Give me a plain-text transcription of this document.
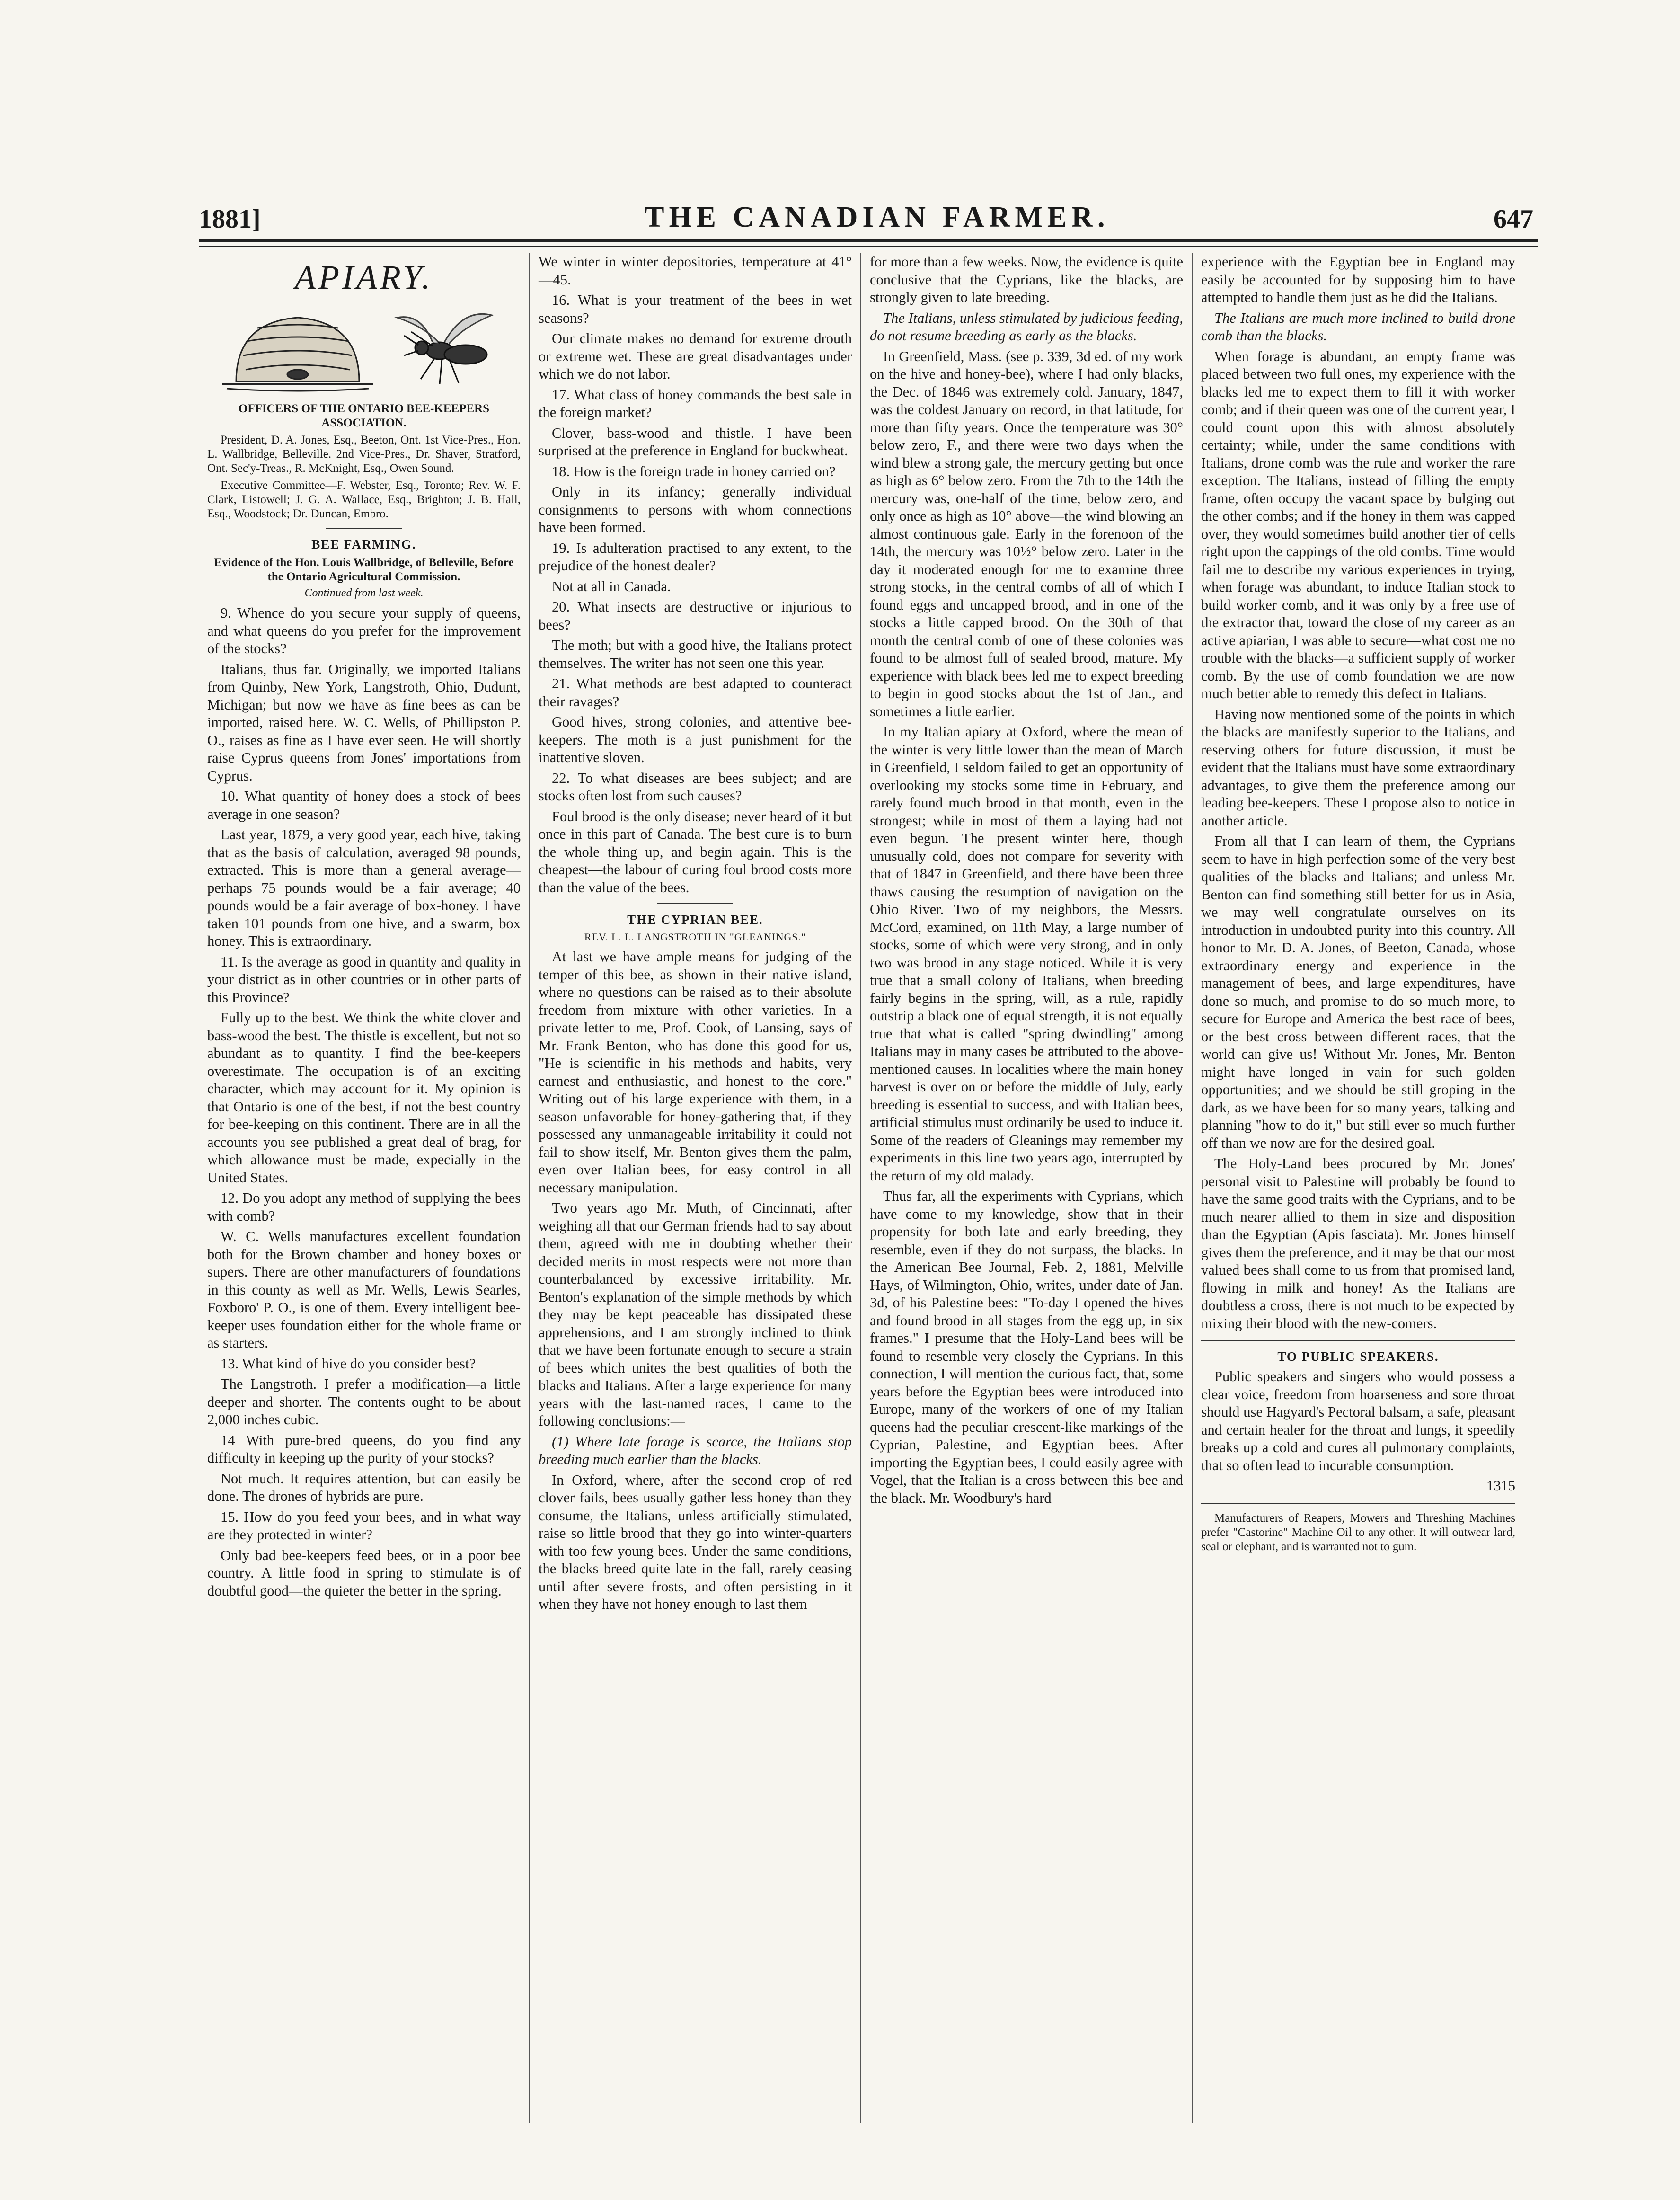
1881]	THE CANADIAN FARMER.	647
APIARY.
OFFICERS OF THE ONTARIO BEE-KEEPERS ASSOCIATION.

President, D. A. Jones, Esq., Beeton, Ont. 1st Vice-Pres., Hon. L. Wallbridge, Belleville. 2nd Vice-Pres., Dr. Shaver, Stratford, Ont. Sec'y-Treas., R. McKnight, Esq., Owen Sound.

Executive Committee—F. Webster, Esq., Toronto; Rev. W. F. Clark, Listowell; J. G. A. Wallace, Esq., Brighton; J. B. Hall, Esq., Woodstock; Dr. Duncan, Embro.

BEE FARMING.
Evidence of the Hon. Louis Wallbridge, of Belleville, Before the Ontario Agricultural Commission.
Continued from last week.

9. Whence do you secure your supply of queens, and what queens do you prefer for the improvement of the stocks?

Italians, thus far. Originally, we imported Italians from Quinby, New York, Langstroth, Ohio, Dudunt, Michigan; but now we have as fine bees as can be imported, raised here. W. C. Wells, of Phillipston P. O., raises as fine as I have ever seen. He will shortly raise Cyprus queens from Jones' importations from Cyprus.

10. What quantity of honey does a stock of bees average in one season?

Last year, 1879, a very good year, each hive, taking that as the basis of calculation, averaged 98 pounds, extracted. This is more than a general average—perhaps 75 pounds would be a fair average; 40 pounds would be a fair average of box-honey. I have taken 101 pounds from one hive, and a swarm, box honey. This is extraordinary.

11. Is the average as good in quantity and quality in your district as in other countries or in other parts of this Province?

Fully up to the best. We think the white clover and bass-wood the best. The thistle is excellent, but not so abundant as to quantity. I find the bee-keepers overestimate. The occupation is of an exciting character, which may account for it. My opinion is that Ontario is one of the best, if not the best country for bee-keeping on this continent. There are in all the accounts you see published a great deal of brag, for which allowance must be made, expecially in the United States.

12. Do you adopt any method of supplying the bees with comb?

W. C. Wells manufactures excellent foundation both for the Brown chamber and honey boxes or supers. There are other manufacturers of foundations in this county as well as Mr. Wells, Lewis Searles, Foxboro' P. O., is one of them. Every intelligent bee-keeper uses foundation either for the whole frame or as starters.

13. What kind of hive do you consider best?

The Langstroth. I prefer a modification—a little deeper and shorter. The contents ought to be about 2,000 inches cubic.

14 With pure-bred queens, do you find any difficulty in keeping up the purity of your stocks?

Not much. It requires attention, but can easily be done. The drones of hybrids are pure.

15. How do you feed your bees, and in what way are they protected in winter?

Only bad bee-keepers feed bees, or in a poor bee country. A little food in spring to stimulate is of doubtful good—the quieter the better in the spring.

We winter in winter depositories, temperature at 41°—45.

16. What is your treatment of the bees in wet seasons?

Our climate makes no demand for extreme drouth or extreme wet. These are great disadvantages under which we do not labor.

17. What class of honey commands the best sale in the foreign market?

Clover, bass-wood and thistle. I have been surprised at the preference in England for buckwheat.

18. How is the foreign trade in honey carried on?

Only in its infancy; generally individual consignments to persons with whom connections have been formed.

19. Is adulteration practised to any extent, to the prejudice of the honest dealer?

Not at all in Canada.

20. What insects are destructive or injurious to bees?

The moth; but with a good hive, the Italians protect themselves. The writer has not seen one this year.

21. What methods are best adapted to counteract their ravages?

Good hives, strong colonies, and attentive bee-keepers. The moth is a just punishment for the inattentive sloven.

22. To what diseases are bees subject; and are stocks often lost from such causes?

Foul brood is the only disease; never heard of it but once in this part of Canada. The best cure is to burn the whole thing up, and begin again. This is the cheapest—the labour of curing foul brood costs more than the value of the bees.

THE CYPRIAN BEE.
REV. L. L. LANGSTROTH IN "GLEANINGS."

At last we have ample means for judging of the temper of this bee, as shown in their native island, where no questions can be raised as to their absolute freedom from mixture with other varieties. In a private letter to me, Prof. Cook, of Lansing, says of Mr. Frank Benton, who has done this good for us, "He is scientific in his methods and habits, very earnest and enthusiastic, and honest to the core." Writing out of his large experience with them, in a season unfavorable for honey-gathering that, if they possessed any unmanageable irritability it could not fail to show itself, Mr. Benton gives them the palm, even over Italian bees, for easy control in all necessary manipulation.

Two years ago Mr. Muth, of Cincinnati, after weighing all that our German friends had to say about them, agreed with me in doubting whether their decided merits in most respects were not more than counterbalanced by excessive irritability. Mr. Benton's explanation of the simple methods by which they may be kept peaceable has dissipated these apprehensions, and I am strongly inclined to think that we have been fortunate enough to secure a strain of bees which unites the best qualities of both the blacks and Italians. After a large experience for many years with the last-named races, I came to the following conclusions:—

(1) Where late forage is scarce, the Italians stop breeding much earlier than the blacks.

In Oxford, where, after the second crop of red clover fails, bees usually gather less honey than they consume, the Italians, unless artificially stimulated, raise so little brood that they go into winter-quarters with too few young bees. Under the same conditions, the blacks breed quite late in the fall, rarely ceasing until after severe frosts, and often persisting in it when they have not honey enough to last them

for more than a few weeks. Now, the evidence is quite conclusive that the Cyprians, like the blacks, are strongly given to late breeding.

The Italians, unless stimulated by judicious feeding, do not resume breeding as early as the blacks.

In Greenfield, Mass. (see p. 339, 3d ed. of my work on the hive and honey-bee), where I had only blacks, the Dec. of 1846 was extremely cold. January, 1847, was the coldest January on record, in that latitude, for more than fifty years. Once the temperature was 30° below zero, F., and there were two days when the wind blew a strong gale, the mercury getting but once as high as 6° below zero. From the 7th to the 14th the mercury was, one-half of the time, below zero, and only once as high as 10° above—the wind blowing an almost continuous gale. Early in the forenoon of the 14th, the mercury was 10½° below zero. Later in the day it moderated enough for me to examine three strong stocks, in the central combs of all of which I found eggs and uncapped brood, and in one of the stocks a little capped brood. On the 30th of that month the central comb of one of these colonies was found to be almost full of sealed brood, mature. My experience with black bees led me to expect breeding to begin in good stocks about the 1st of Jan., and sometimes a little earlier.

In my Italian apiary at Oxford, where the mean of the winter is very little lower than the mean of March in Greenfield, I seldom failed to get an opportunity of overlooking my stocks some time in February, and rarely found much brood in that month, even in the strongest; while in most of them a laying had not even begun. The present winter here, though unusually cold, does not compare for severity with that of 1847 in Greenfield, and there have been three thaws causing the resumption of navigation on the Ohio River. Two of my neighbors, the Messrs. McCord, examined, on 11th May, a large number of stocks, some of which were very strong, and in only two was brood in any stage noticed. While it is very true that a small colony of Italians, when breeding fairly begins in the spring, will, as a rule, rapidly outstrip a black one of equal strength, it is not equally true that what is called "spring dwindling" among Italians may in many cases be attributed to the above-mentioned causes. In localities where the main honey harvest is over on or before the middle of July, early breeding is essential to success, and with Italian bees, artificial stimulus must ordinarily be used to induce it. Some of the readers of Gleanings may remember my experiments in this line two years ago, interrupted by the return of my old malady.

Thus far, all the experiments with Cyprians, which have come to my knowledge, show that in their propensity for both late and early breeding, they resemble, even if they do not surpass, the blacks. In the American Bee Journal, Feb. 2, 1881, Melville Hays, of Wilmington, Ohio, writes, under date of Jan. 3d, of his Palestine bees: "To-day I opened the hives and found brood in all stages from the egg up, in six frames." I presume that the Holy-Land bees will be found to resemble very closely the Cyprians. In this connection, I will mention the curious fact, that, some years before the Egyptian bees were introduced into Europe, many of the workers of one of my Italian queens had the peculiar crescent-like markings of the Cyprian, Palestine, and Egyptian bees. After importing the Egyptian bees, I could easily agree with Vogel, that the Italian is a cross between this bee and the black. Mr. Woodbury's hard

experience with the Egyptian bee in England may easily be accounted for by supposing him to have attempted to handle them just as he did the Italians.

The Italians are much more inclined to build drone comb than the blacks.

When forage is abundant, an empty frame was placed between two full ones, my experience with the blacks led me to expect them to fill it with worker comb; and if their queen was one of the current year, I could count upon this with almost absolutely certainty; while, under the same conditions with Italians, drone comb was the rule and worker the rare exception. The Italians, instead of filling the empty frame, often occupy the vacant space by bulging out the other combs; and if the honey in them was capped over, they would sometimes build another tier of cells right upon the cappings of the old combs. Time would fail me to describe my various experiences in trying, when forage was abundant, to induce Italian stock to build worker comb, and it was only by a free use of the extractor that, toward the close of my career as an active apiarian, I was able to secure—what cost me no trouble with the blacks—a sufficient supply of worker comb. By the use of comb foundation we are now much better able to remedy this defect in Italians.

Having now mentioned some of the points in which the blacks are manifestly superior to the Italians, and reserving others for future discussion, it must be evident that the Italians must have some extraordinary advantages, to give them the preference among our leading bee-keepers. These I propose also to notice in another article.

From all that I can learn of them, the Cyprians seem to have in high perfection some of the very best qualities of the blacks and Italians; and unless Mr. Benton can find something still better for us in Asia, we may well congratulate ourselves on its introduction in undoubted purity into this country. All honor to Mr. D. A. Jones, of Beeton, Canada, whose extraordinary energy and experience in the management of bees, and large expenditures, have done so much, and promise to do so much more, to secure for Europe and America the best race of bees, or the best cross between different races, that the world can give us! Without Mr. Jones, Mr. Benton might have longed in vain for such golden opportunities; and we should be still groping in the dark, as we have been for so many years, talking and planning "how to do it," but still ever so much further off than we now are for the desired goal.

The Holy-Land bees procured by Mr. Jones' personal visit to Palestine will probably be found to have the same good traits with the Cyprians, and to be much nearer allied to them in size and disposition than the Egyptian (Apis fasciata). Mr. Jones himself gives them the preference, and it may be that our most valued bees shall come to us from that promised land, flowing in milk and honey! As the Italians are doubtless a cross, there is not much to be expected by mixing their blood with the new-comers.

TO PUBLIC SPEAKERS.

Public speakers and singers who would possess a clear voice, freedom from hoarseness and sore throat should use Hagyard's Pectoral balsam, a safe, pleasant and certain healer for the throat and lungs, it speedily breaks up a cold and cures all pulmonary complaints, that so often lead to incurable consumption.

1315

Manufacturers of Reapers, Mowers and Threshing Machines prefer "Castorine" Machine Oil to any other. It will outwear lard, seal or elephant, and is warranted not to gum.
